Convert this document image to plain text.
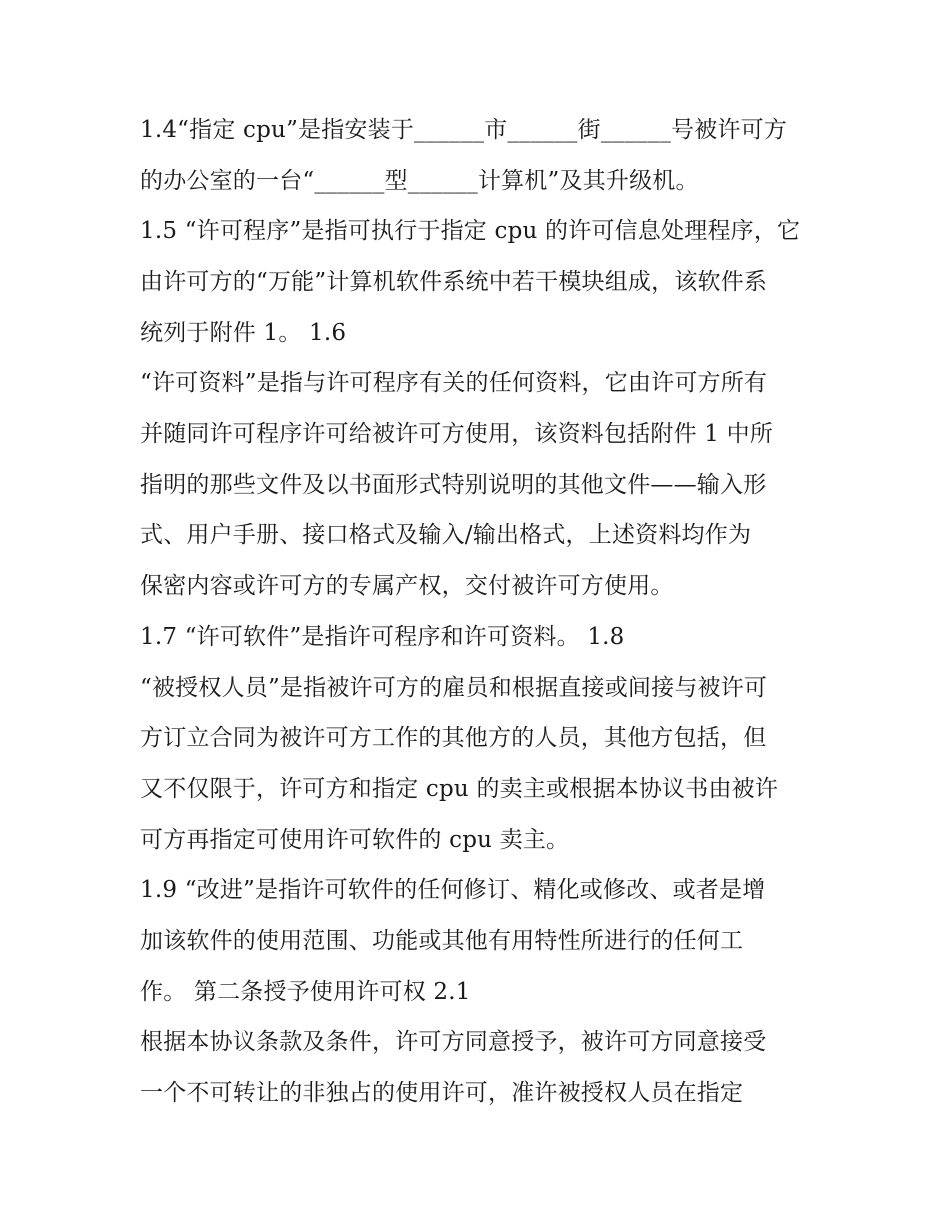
1.4“指定 cpu”是指安装于______市______街______号被许可方
的办公室的一台“______型______计算机”及其升级机。
1.5 “许可程序”是指可执行于指定 cpu 的许可信息处理程序，它
由许可方的“万能”计算机软件系统中若干模块组成，该软件系
统列于附件 1。 1.6
“许可资料”是指与许可程序有关的任何资料，它由许可方所有
并随同许可程序许可给被许可方使用，该资料包括附件 1 中所
指明的那些文件及以书面形式特别说明的其他文件——输入形
式、用户手册、接口格式及输入/输出格式，上述资料均作为
保密内容或许可方的专属产权，交付被许可方使用。
1.7 “许可软件”是指许可程序和许可资料。 1.8
“被授权人员”是指被许可方的雇员和根据直接或间接与被许可
方订立合同为被许可方工作的其他方的人员，其他方包括，但
又不仅限于，许可方和指定 cpu 的卖主或根据本协议书由被许
可方再指定可使用许可软件的 cpu 卖主。
1.9 “改进”是指许可软件的任何修订、精化或修改、或者是增
加该软件的使用范围、功能或其他有用特性所进行的任何工
作。 第二条授予使用许可权 2.1
根据本协议条款及条件，许可方同意授予，被许可方同意接受
一个不可转让的非独占的使用许可，准许被授权人员在指定
